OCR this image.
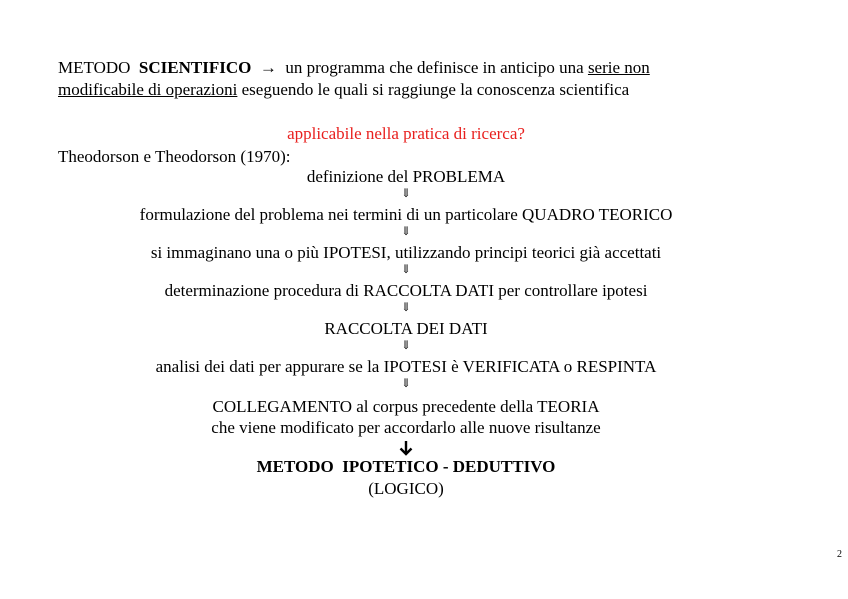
METODO SCIENTIFICO → un programma che definisce in anticipo una serie non
modificabile di operazioni eseguendo le quali si raggiunge la conoscenza scientifica
applicabile nella pratica di ricerca?
Theodorson e Theodorson (1970):
definizione del PROBLEMA
⇓
formulazione del problema nei termini di un particolare QUADRO TEORICO
⇓
si immaginano una o più IPOTESI, utilizzando principi teorici già accettati
⇓
determinazione procedura di RACCOLTA DATI per controllare ipotesi
⇓
RACCOLTA DEI DATI
⇓
analisi dei dati per appurare se la IPOTESI è VERIFICATA o RESPINTA
⇓
COLLEGAMENTO al corpus precedente della TEORIA
che viene modificato per accordarlo alle nuove risultanze
METODO  IPOTETICO - DEDUTTIVO
(LOGICO)
2
